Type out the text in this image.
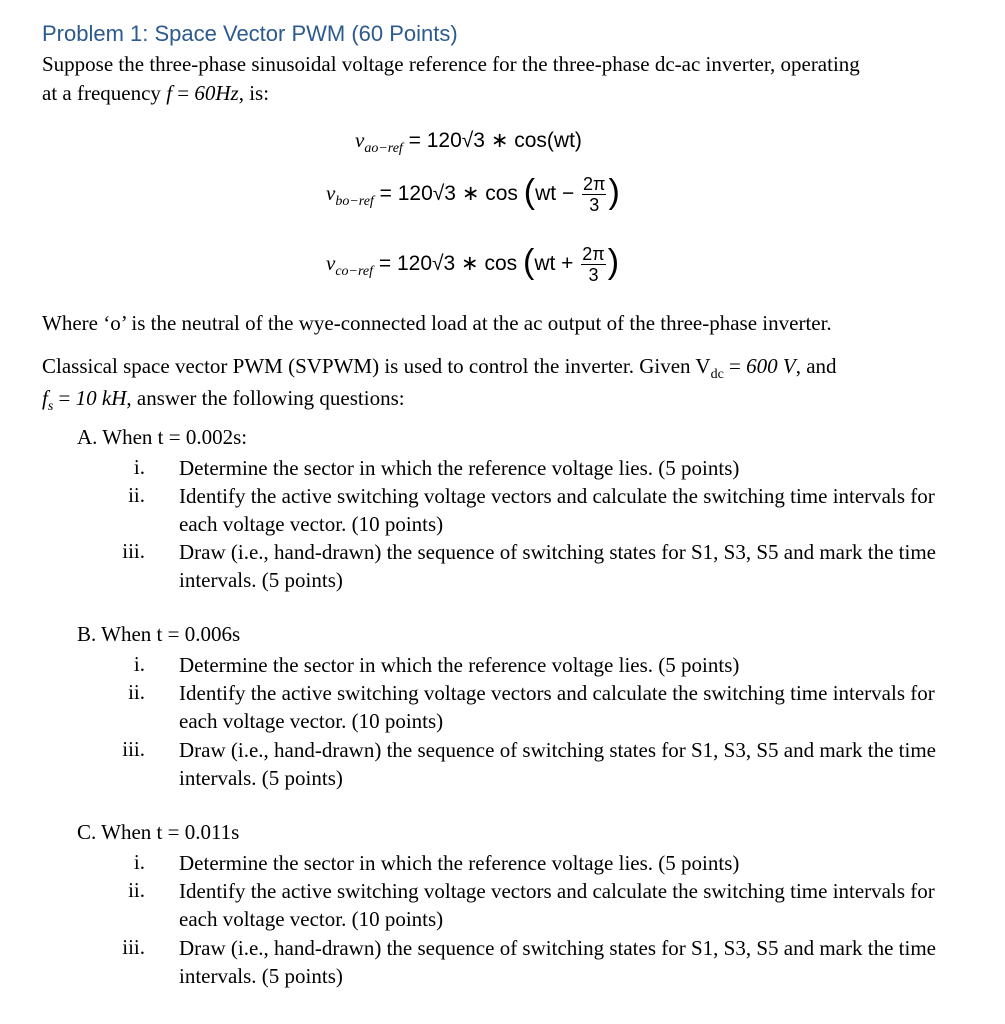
Problem 1: Space Vector PWM (60 Points)
Suppose the three-phase sinusoidal voltage reference for the three-phase dc-ac inverter, operating
at a frequency f = 60Hz, is:
$v_{ao-ref} = 120√3$ ∗ cos(wt)
$v_{bo-ref} = 120√3$ ∗ $\cos (wt - \frac{2\pi}{3}$ )
$v_{co-ref} = 120√3$ ∗ $\cos (wt + \frac{2\pi}{3}$ )
Where ‘o’ is the neutral of the wye-connected load at the ac output of the three-phase inverter.
Classical space vector PWM (SVPWM) is used to control the inverter. Given $V_{dc} = 600$ V, and
$f_s = 10$ kH, answer the following questions:
A. When t = 0.002s:
i. Determine the sector in which the reference voltage lies. (5 points)
ii. Identify the active switching voltage vectors and calculate the switching time intervals for each voltage vector. (10 points)
iii. Draw (i.e., hand-drawn) the sequence of switching states for S1, S3, S5 and mark the time intervals. (5 points)
B. When t = 0.006s
i. Determine the sector in which the reference voltage lies. (5 points)
ii. Identify the active switching voltage vectors and calculate the switching time intervals for each voltage vector. (10 points)
iii. Draw (i.e., hand-drawn) the sequence of switching states for S1, S3, S5 and mark the time intervals. (5 points)
C. When t = 0.011s
i. Determine the sector in which the reference voltage lies. (5 points)
ii. Identify the active switching voltage vectors and calculate the switching time intervals for each voltage vector. (10 points)
iii. Draw (i.e., hand-drawn) the sequence of switching states for S1, S3, S5 and mark the time intervals. (5 points)
